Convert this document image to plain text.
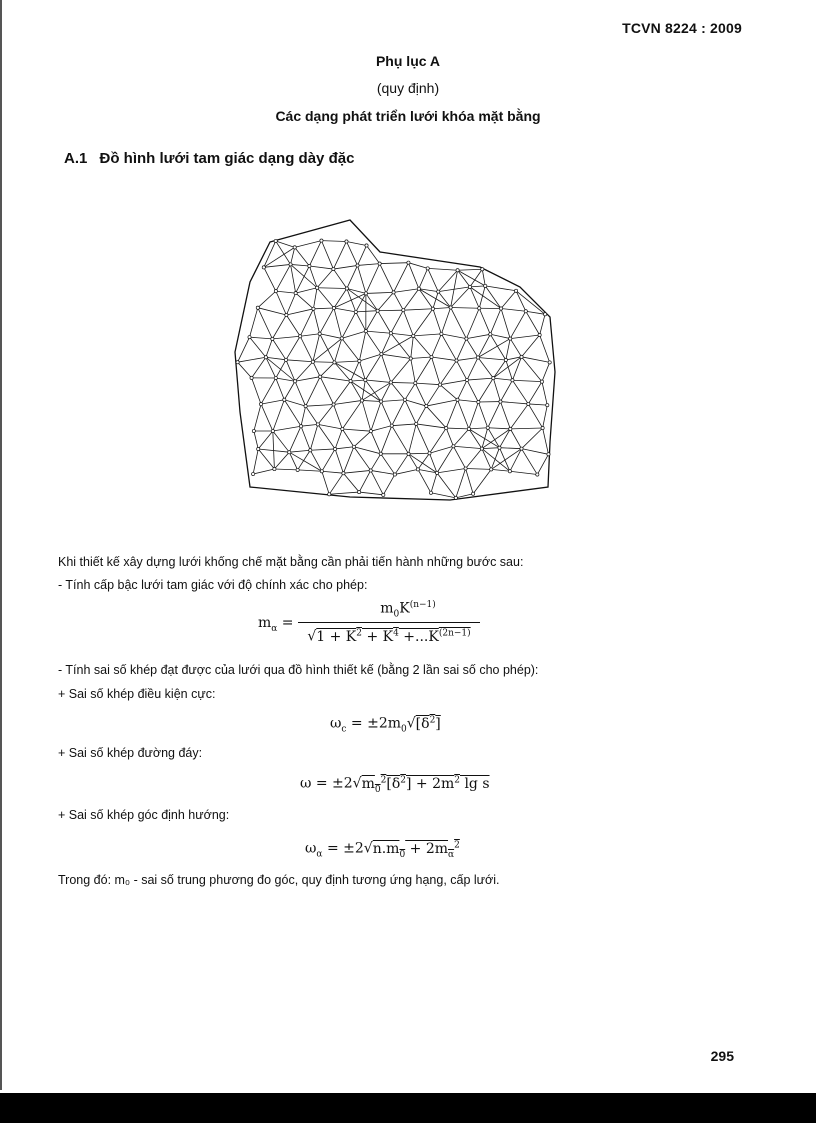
TCVN 8224 : 2009
Phụ lục A
(quy định)
Các dạng phát triển lưới khóa mặt bằng
A.1 Đồ hình lưới tam giác dạng dày đặc
Khi thiết kế xây dựng lưới khống chế mặt bằng cần phải tiến hành những bước sau:
- Tính cấp bậc lưới tam giác với độ chính xác cho phép:
$m_\alpha$ =
$m_0K^{(n-1)}$
$√1 + K^2 + K^4 +...K^{(2n-1)}$
- Tính sai số khép đạt được của lưới qua đồ hình thiết kế (bằng 2 lần sai số cho phép):
+ Sai số khép điều kiện cực:
$\omega_c = \pm 2m_0√[\delta^2]$
+ Sai số khép đường đáy:
$\omega = \pm 2√m_0^2[\delta^2] + 2m^2$ lg s
+ Sai số khép góc định hướng:
$\omega_\alpha = \pm 2√n.m_0 + 2m_\alpha^2$
Trong đó: m₀ - sai số trung phương đo góc, quy định tương ứng hạng, cấp lưới.
295
